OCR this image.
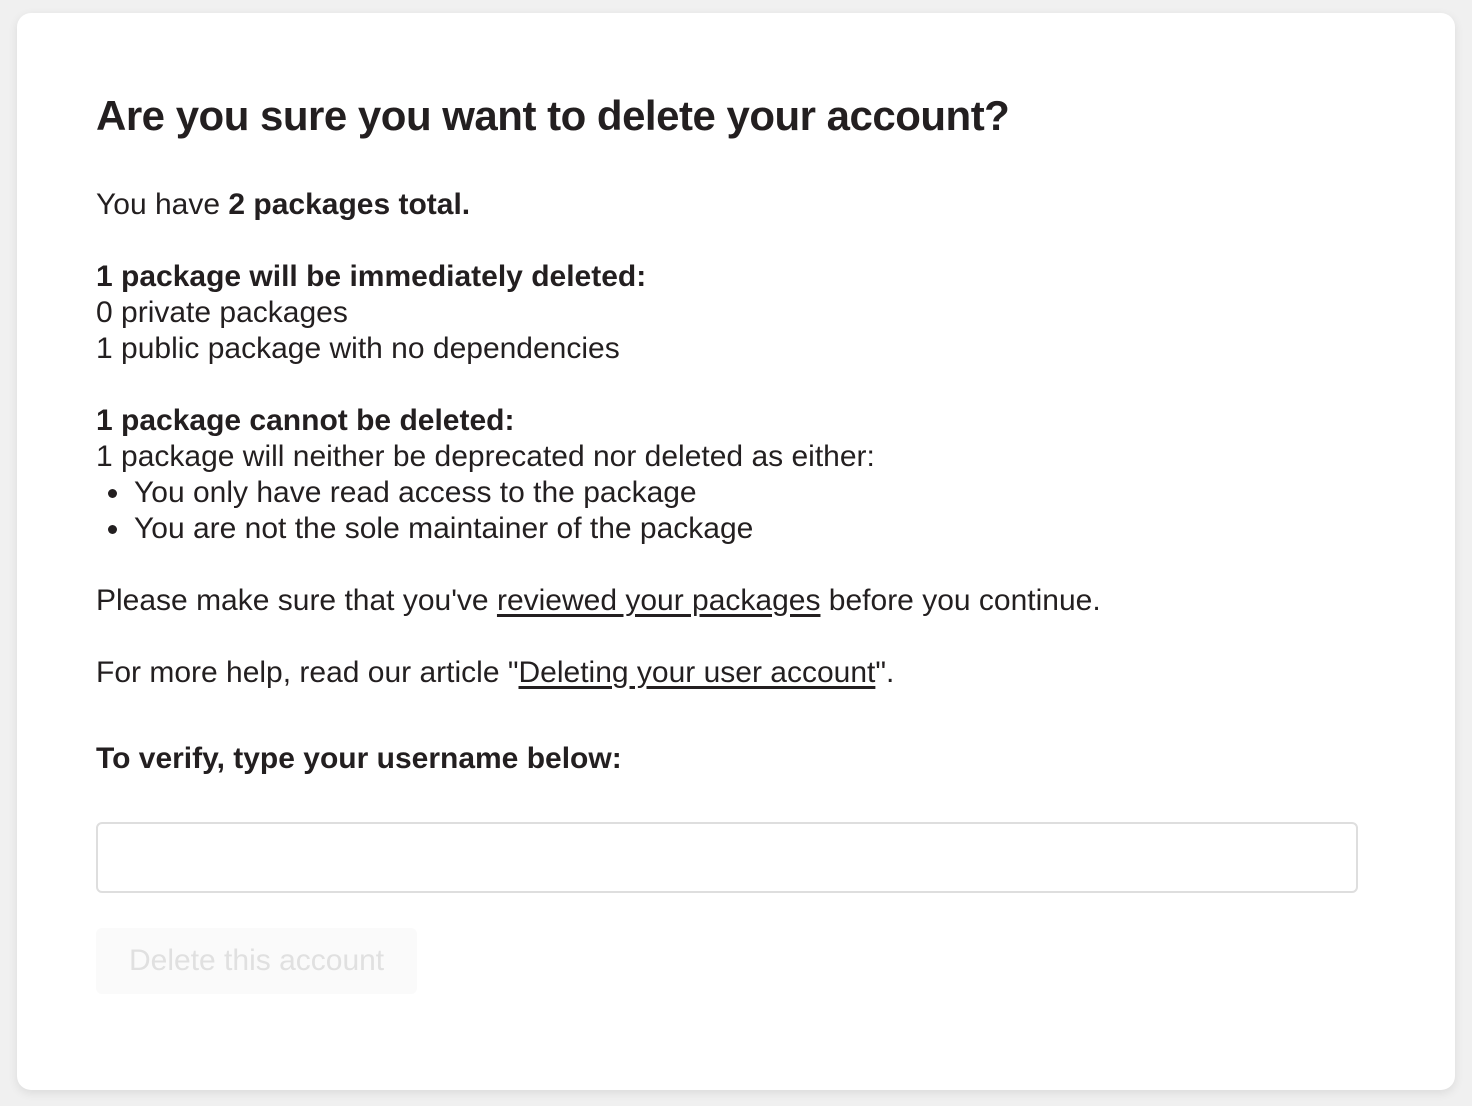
Are you sure you want to delete your account?

You have 2 packages total.

1 package will be immediately deleted:

0 private packages

1 public package with no dependencies

1 package cannot be deleted:

1 package will neither be deprecated nor deleted as either:

• You only have read access to the package
• You are not the sole maintainer of the package

Please make sure that you've reviewed your packages before you continue.

For more help, read our article "Deleting your user account".

To verify, type your username below:

Delete this account
